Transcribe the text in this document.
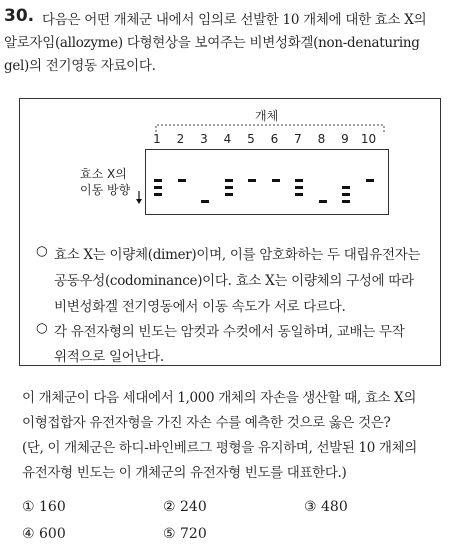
30. 다음은 어떤 개체군 내에서 임의로 선발한 10 개체에 대한 효소 X의
알로자임(allozyme) 다형현상을 보여주는 비변성화겔(non-denaturing
gel)의 전기영동 자료이다.
개체
효소 X의
이동 방향
○ 효소 X는 이량체(dimer)이며, 이를 암호화하는 두 대립유전자는
공동우성(codominance)이다. 효소 X는 이량체의 구성에 따라
비변성화겔 전기영동에서 이동 속도가 서로 다르다.
○ 각 유전자형의 빈도는 암컷과 수컷에서 동일하며, 교배는 무작
위적으로 일어난다.
1 2 3 4 5 6 7 8 9 10
이 개체군이 다음 세대에서 1,000 개체의 자손을 생산할 때, 효소 X의
이형접합자 유전자형을 가진 자손 수를 예측한 것으로 옳은 것은?
(단, 이 개체군은 하디-바인베르그 평형을 유지하며, 선발된 10 개체의
유전자형 빈도는 이 개체군의 유전자형 빈도를 대표한다.)
① 160	② 240	③ 480
④ 600	⑤ 720
